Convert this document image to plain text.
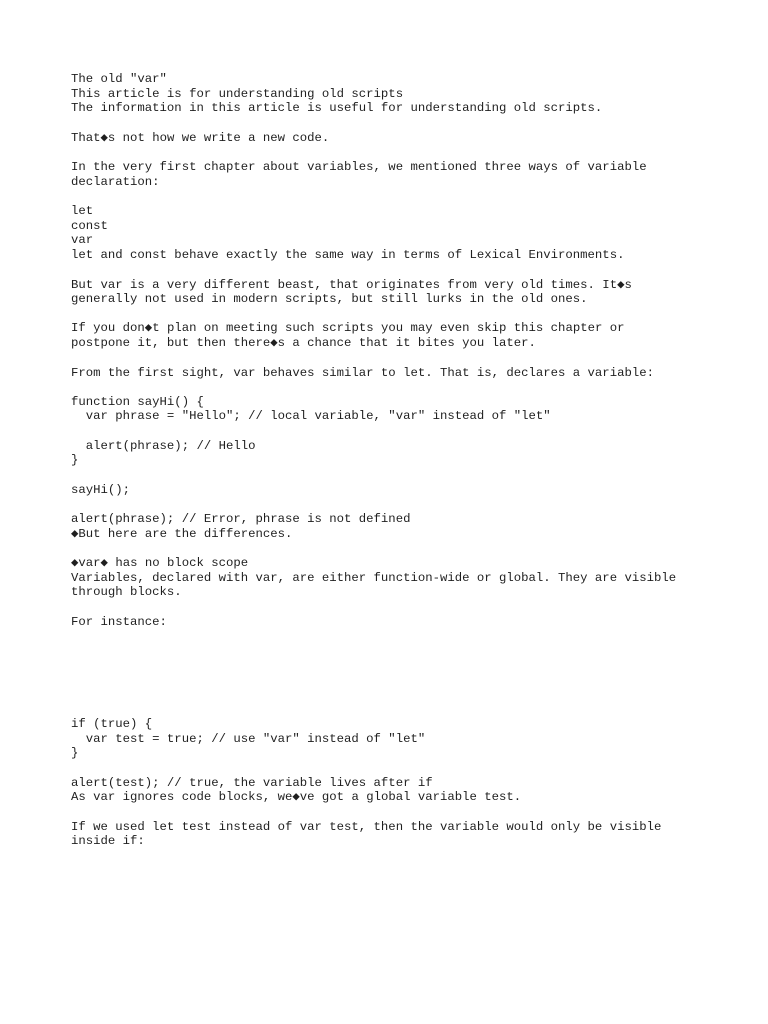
The old "var"

This article is for understanding old scripts

The information in this article is useful for understanding old scripts.

That◆s not how we write a new code.

In the very first chapter about variables, we mentioned three ways of variable

declaration:

let

const

var

let and const behave exactly the same way in terms of Lexical Environments.

But var is a very different beast, that originates from very old times. It◆s

generally not used in modern scripts, but still lurks in the old ones.

If you don◆t plan on meeting such scripts you may even skip this chapter or

postpone it, but then there◆s a chance that it bites you later.

From the first sight, var behaves similar to let. That is, declares a variable:

function sayHi() {

var phrase = "Hello"; // local variable, "var" instead of "let"

alert(phrase); // Hello

}

sayHi();

alert(phrase); // Error, phrase is not defined

◆But here are the differences.

◆var◆ has no block scope

Variables, declared with var, are either function-wide or global. They are visible

through blocks.

For instance:

if (true) {

var test = true; // use "var" instead of "let"

}

alert(test); // true, the variable lives after if

As var ignores code blocks, we◆ve got a global variable test.

If we used let test instead of var test, then the variable would only be visible

inside if:
